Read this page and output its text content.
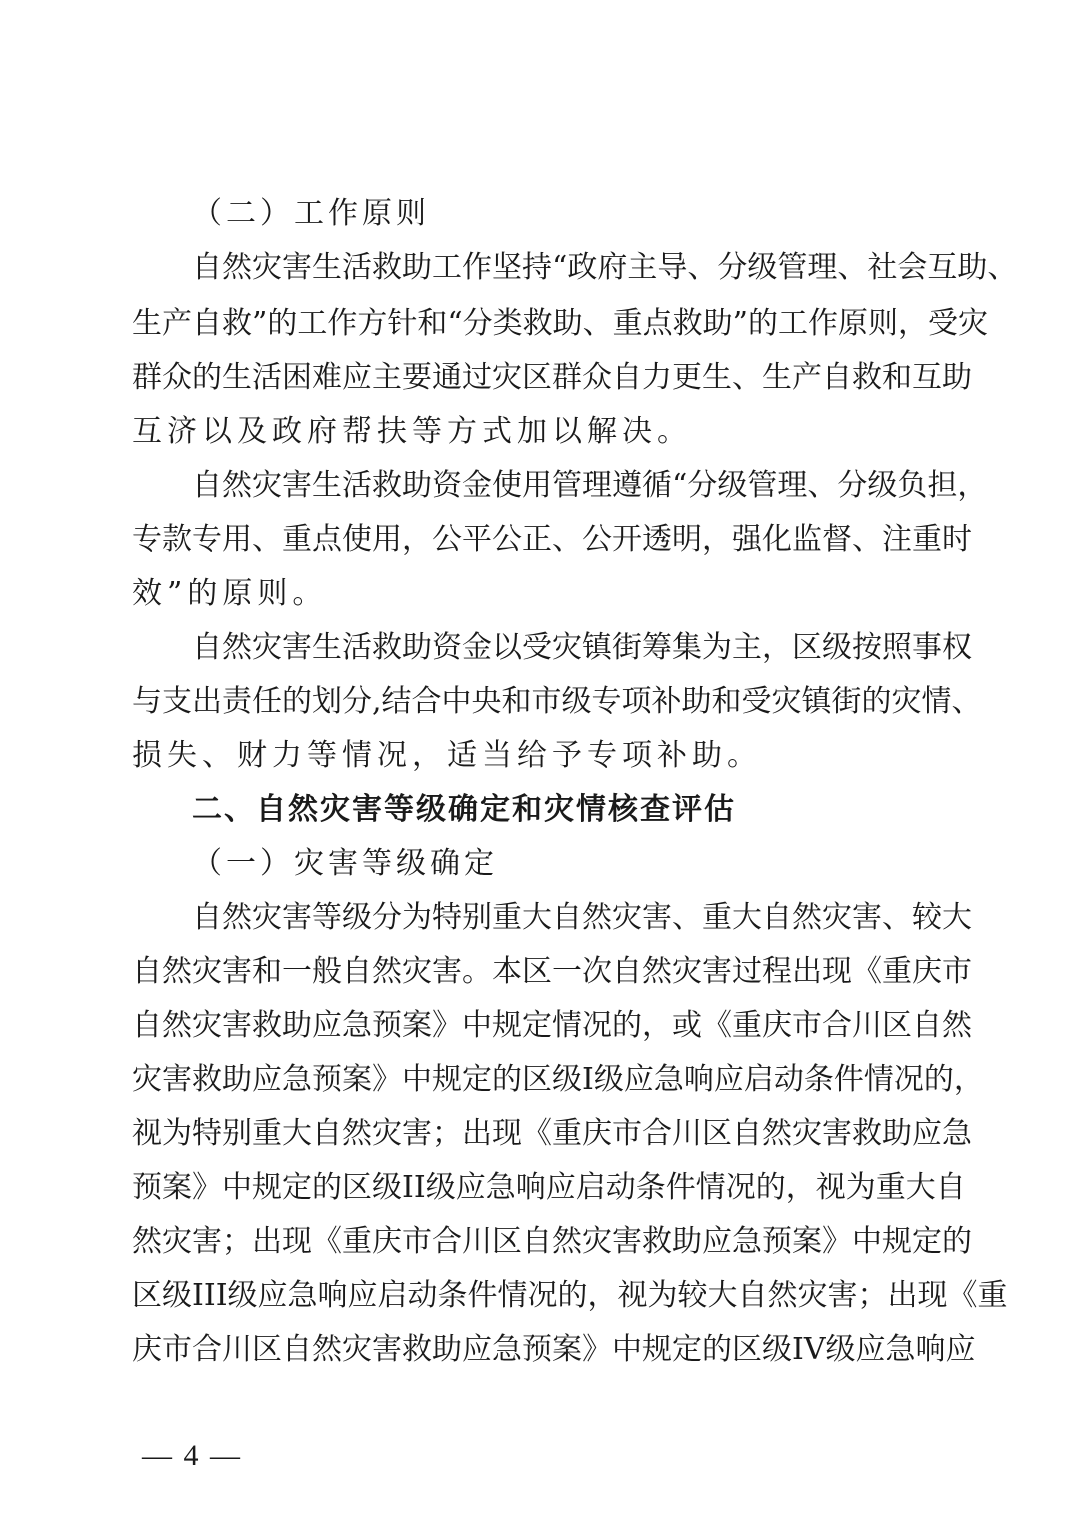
（二）工作原则
自然灾害生活救助工作坚持“政府主导、分级管理、社会互助、
生产自救”的工作方针和“分类救助、重点救助”的工作原则，受灾
群众的生活困难应主要通过灾区群众自力更生、生产自救和互助
互济以及政府帮扶等方式加以解决。
自然灾害生活救助资金使用管理遵循“分级管理、分级负担，
专款专用、重点使用，公平公正、公开透明，强化监督、注重时
效”的原则。
自然灾害生活救助资金以受灾镇街筹集为主，区级按照事权
与支出责任的划分,结合中央和市级专项补助和受灾镇街的灾情、
损失、财力等情况，适当给予专项补助。
二、自然灾害等级确定和灾情核查评估
（一）灾害等级确定
自然灾害等级分为特别重大自然灾害、重大自然灾害、较大
自然灾害和一般自然灾害。本区一次自然灾害过程出现《重庆市
自然灾害救助应急预案》中规定情况的，或《重庆市合川区自然
灾害救助应急预案》中规定的区级I级应急响应启动条件情况的，
视为特别重大自然灾害；出现《重庆市合川区自然灾害救助应急
预案》中规定的区级II级应急响应启动条件情况的，视为重大自
然灾害；出现《重庆市合川区自然灾害救助应急预案》中规定的
区级III级应急响应启动条件情况的，视为较大自然灾害；出现《重
庆市合川区自然灾害救助应急预案》中规定的区级IV级应急响应
— 4 —
